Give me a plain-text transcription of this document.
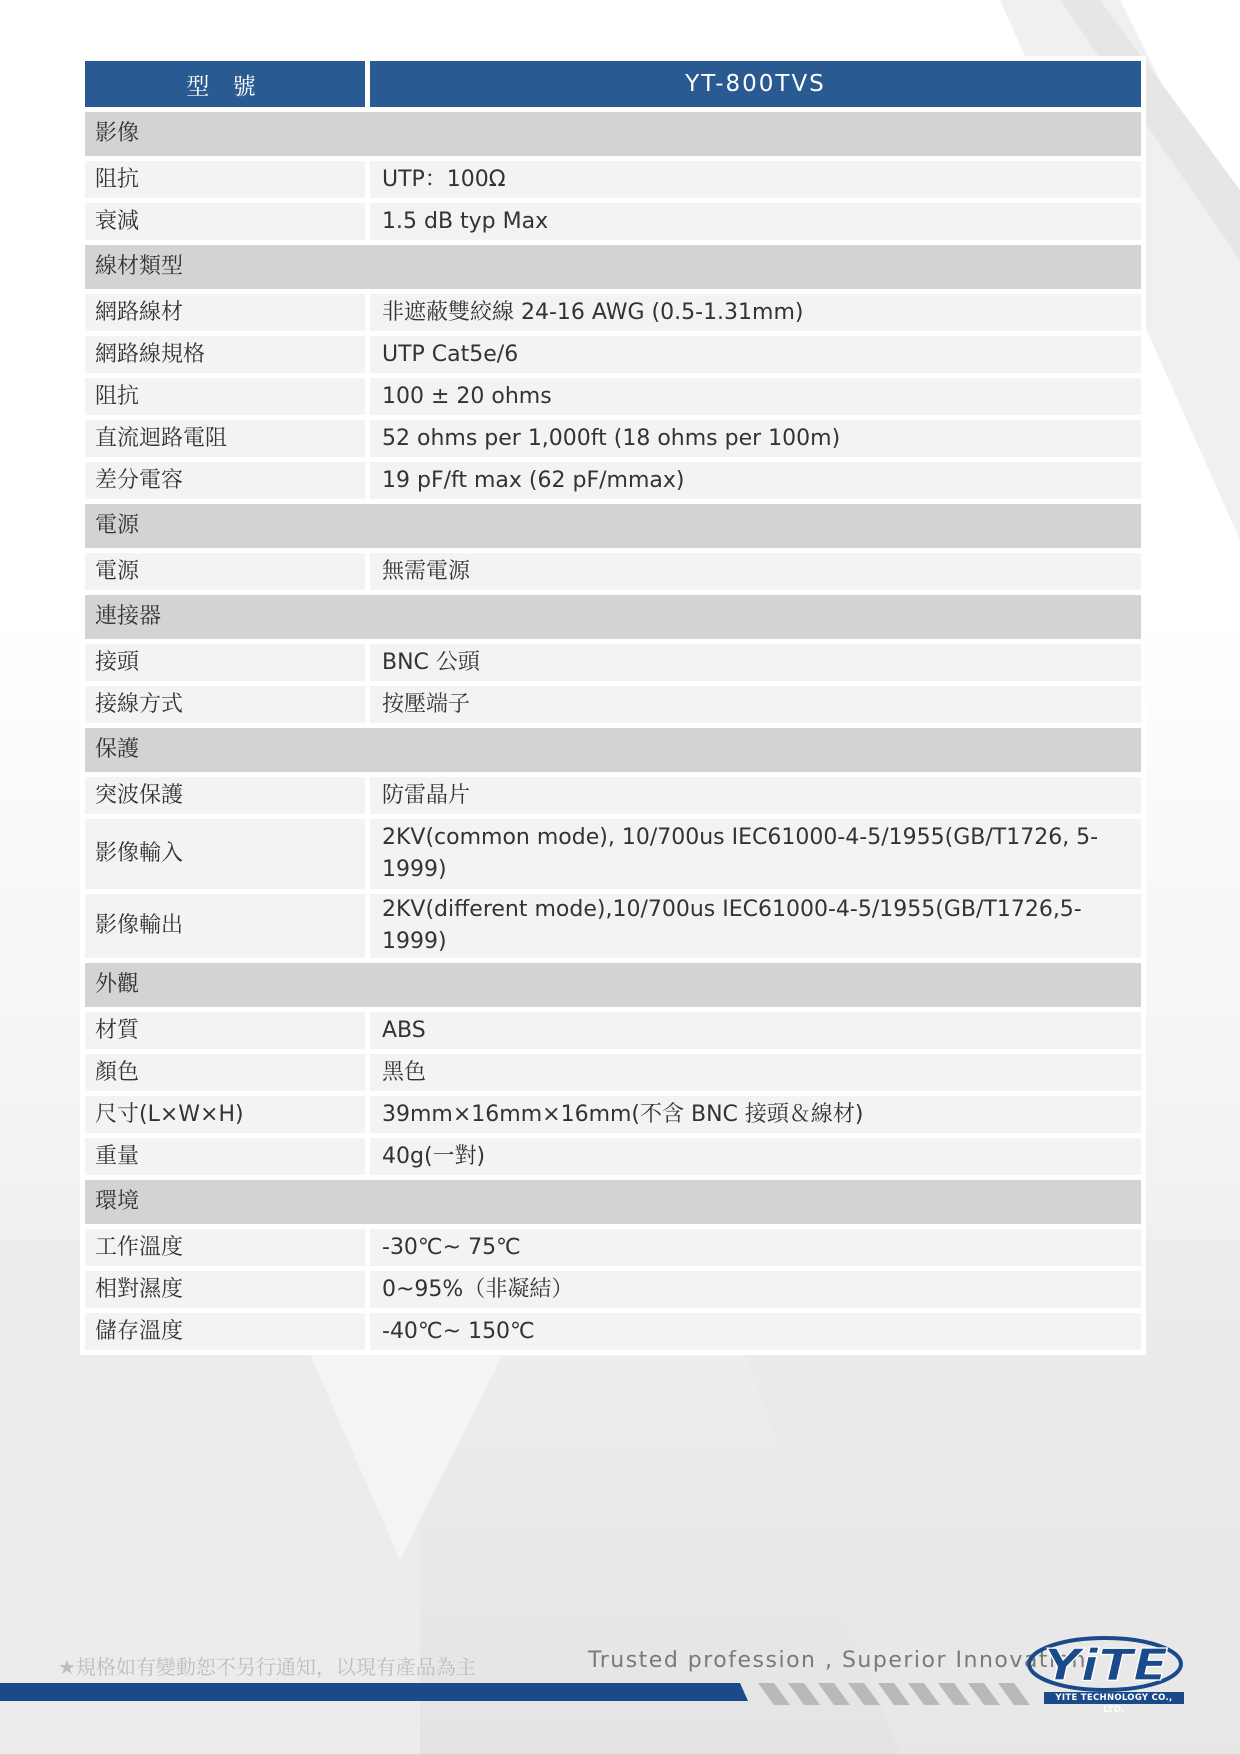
型 號	YT-800TVS
影像	
阻抗	UTP：100Ω
衰減	1.5 dB typ Max
線材類型	
網路線材	非遮蔽雙絞線 24-16 AWG (0.5-1.31mm)
網路線規格	UTP Cat5e/6
阻抗	100 ± 20 ohms
直流迴路電阻	52 ohms per 1,000ft (18 ohms per 100m)
差分電容	19 pF/ft max (62 pF/mmax)
電源	
電源	無需電源
連接器	
接頭	BNC 公頭
接線方式	按壓端子
保護	
突波保護	防雷晶片
影像輸入	2KV(common mode), 10/700us IEC61000-4-5/1955(GB/T1726, 5-1999)
影像輸出	2KV(different mode),10/700us IEC61000-4-5/1955(GB/T1726,5-1999)
外觀	
材質	ABS
顏色	黑色
尺寸(L×W×H)	39mm×16mm×16mm(不含 BNC 接頭＆線材)
重量	40g(一對)
環境	
工作溫度	-30℃~ 75℃
相對濕度	0~95%（非凝結）
儲存溫度	-40℃~ 150℃
★規格如有變動恕不另行通知，以現有產品為主	Trusted profession , Superior Innovation
YiTE
YITE TECHNOLOGY CO., LTD.
